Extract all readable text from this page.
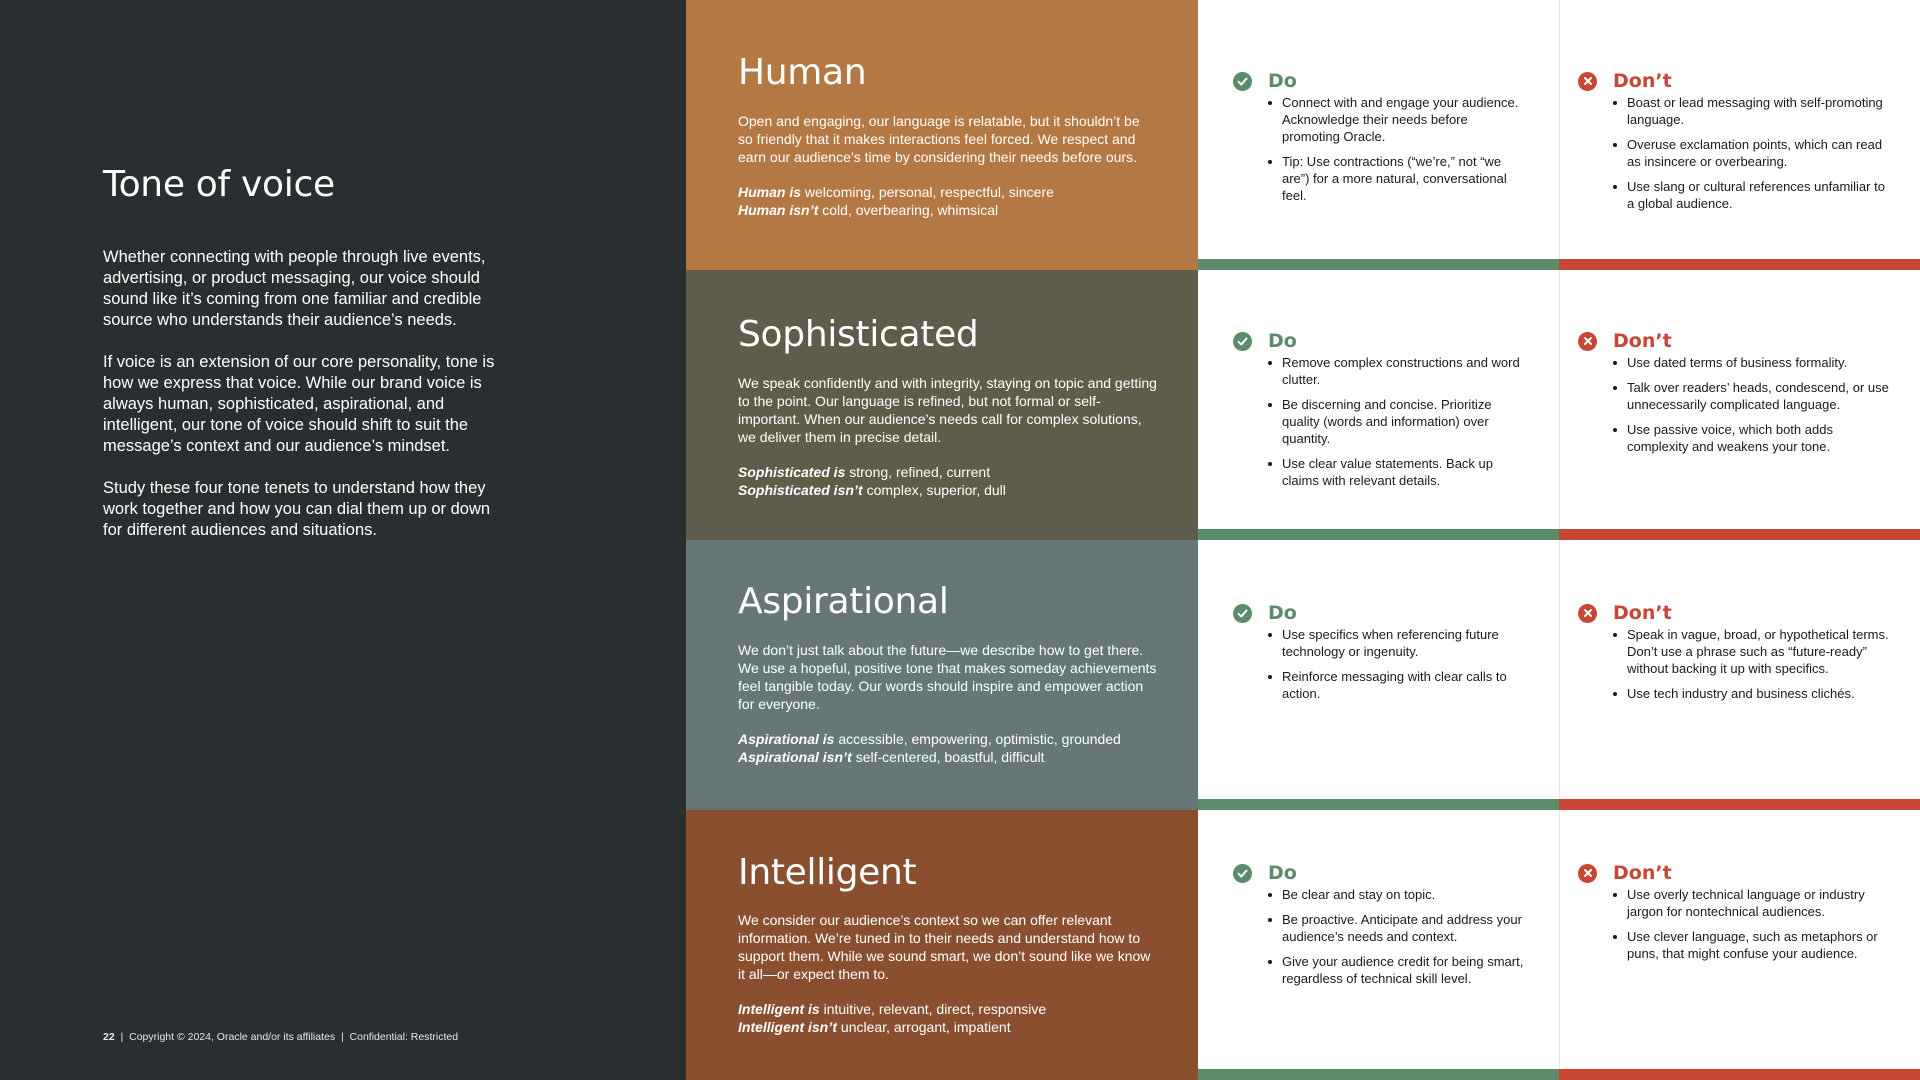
Tone of voice

Whether connecting with people through live events, advertising, or product messaging, our voice should sound like it’s coming from one familiar and credible source who understands their audience’s needs.

If voice is an extension of our core personality, tone is how we express that voice. While our brand voice is always human, sophisticated, aspirational, and intelligent, our tone of voice should shift to suit the message’s context and our audience’s mindset.

Study these four tone tenets to understand how they work together and how you can dial them up or down for different audiences and situations.

22 | Copyright © 2024, Oracle and/or its affiliates | Confidential: Restricted
Human

Open and engaging, our language is relatable, but it shouldn’t be so friendly that it makes interactions feel forced. We respect and earn our audience’s time by considering their needs before ours.

Human is welcoming, personal, respectful, sincere
Human isn’t cold, overbearing, whimsical
Do
Connect with and engage your audience. Acknowledge their needs before promoting Oracle.
Tip: Use contractions (“we’re,” not “we are”) for a more natural, conversational feel.
Don’t
Boast or lead messaging with self-promoting language.
Overuse exclamation points, which can read as insincere or overbearing.
Use slang or cultural references unfamiliar to a global audience.
Sophisticated

We speak confidently and with integrity, staying on topic and getting to the point. Our language is refined, but not formal or self-important. When our audience’s needs call for complex solutions, we deliver them in precise detail.

Sophisticated is strong, refined, current
Sophisticated isn’t complex, superior, dull
Do
Remove complex constructions and word clutter.
Be discerning and concise. Prioritize quality (words and information) over quantity.
Use clear value statements. Back up claims with relevant details.
Don’t
Use dated terms of business formality.
Talk over readers’ heads, condescend, or use unnecessarily complicated language.
Use passive voice, which both adds complexity and weakens your tone.
Aspirational

We don’t just talk about the future—we describe how to get there. We use a hopeful, positive tone that makes someday achievements feel tangible today. Our words should inspire and empower action for everyone.

Aspirational is accessible, empowering, optimistic, grounded
Aspirational isn’t self-centered, boastful, difficult
Do
Use specifics when referencing future technology or ingenuity.
Reinforce messaging with clear calls to action.
Don’t
Speak in vague, broad, or hypothetical terms. Don’t use a phrase such as “future-ready” without backing it up with specifics.
Use tech industry and business clichés.
Intelligent

We consider our audience’s context so we can offer relevant information. We’re tuned in to their needs and understand how to support them. While we sound smart, we don’t sound like we know it all—or expect them to.

Intelligent is intuitive, relevant, direct, responsive
Intelligent isn’t unclear, arrogant, impatient
Do
Be clear and stay on topic.
Be proactive. Anticipate and address your audience’s needs and context.
Give your audience credit for being smart, regardless of technical skill level.
Don’t
Use overly technical language or industry jargon for nontechnical audiences.
Use clever language, such as metaphors or puns, that might confuse your audience.
